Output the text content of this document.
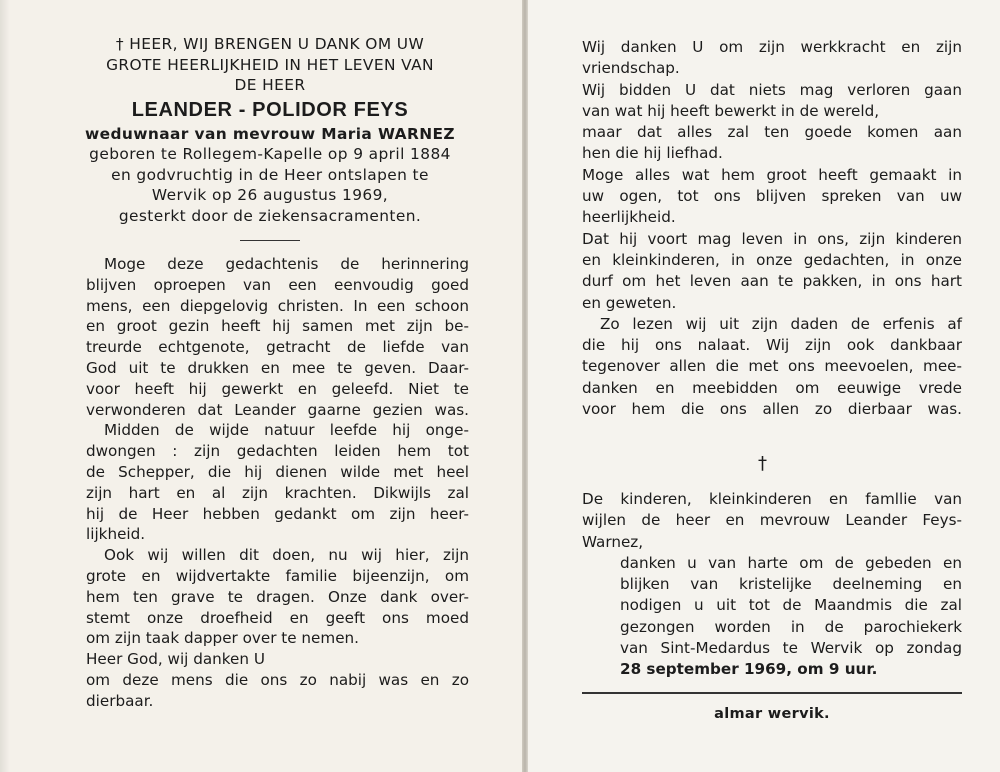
† HEER, WIJ BRENGEN U DANK OM UW
GROTE HEERLIJKHEID IN HET LEVEN VAN
DE HEER
LEANDER - POLIDOR FEYS
weduwnaar van mevrouw Maria WARNEZ
geboren te Rollegem-Kapelle op 9 april 1884
en godvruchtig in de Heer ontslapen te
Wervik op 26 augustus 1969,
gesterkt door de ziekensacramenten.
Moge deze gedachtenis de herinnering
blijven oproepen van een eenvoudig goed
mens, een diepgelovig christen. In een schoon
en groot gezin heeft hij samen met zijn be-
treurde echtgenote, getracht de liefde van
God uit te drukken en mee te geven. Daar-
voor heeft hij gewerkt en geleefd. Niet te
verwonderen dat Leander gaarne gezien was.
Midden de wijde natuur leefde hij onge-
dwongen : zijn gedachten leiden hem tot
de Schepper, die hij dienen wilde met heel
zijn hart en al zijn krachten. Dikwijls zal
hij de Heer hebben gedankt om zijn heer-
lijkheid.
Ook wij willen dit doen, nu wij hier, zijn
grote en wijdvertakte familie bijeenzijn, om
hem ten grave te dragen. Onze dank over-
stemt onze droefheid en geeft ons moed
om zijn taak dapper over te nemen.
Heer God, wij danken U
om deze mens die ons zo nabij was en zo
dierbaar.
Wij danken U om zijn werkkracht en zijn
vriendschap.
Wij bidden U dat niets mag verloren gaan
van wat hij heeft bewerkt in de wereld,
maar dat alles zal ten goede komen aan
hen die hij liefhad.
Moge alles wat hem groot heeft gemaakt in
uw ogen, tot ons blijven spreken van uw
heerlijkheid.
Dat hij voort mag leven in ons, zijn kinderen
en kleinkinderen, in onze gedachten, in onze
durf om het leven aan te pakken, in ons hart
en geweten.
Zo lezen wij uit zijn daden de erfenis af
die hij ons nalaat. Wij zijn ook dankbaar
tegenover allen die met ons meevoelen, mee-
danken en meebidden om eeuwige vrede
voor hem die ons allen zo dierbaar was.
†
De kinderen, kleinkinderen en famllie van
wijlen de heer en mevrouw Leander Feys-
Warnez,
danken u van harte om de gebeden en
blijken van kristelijke deelneming en
nodigen u uit tot de Maandmis die zal
gezongen worden in de parochiekerk
van Sint-Medardus te Wervik op zondag
28 september 1969, om 9 uur.
almar wervik.
